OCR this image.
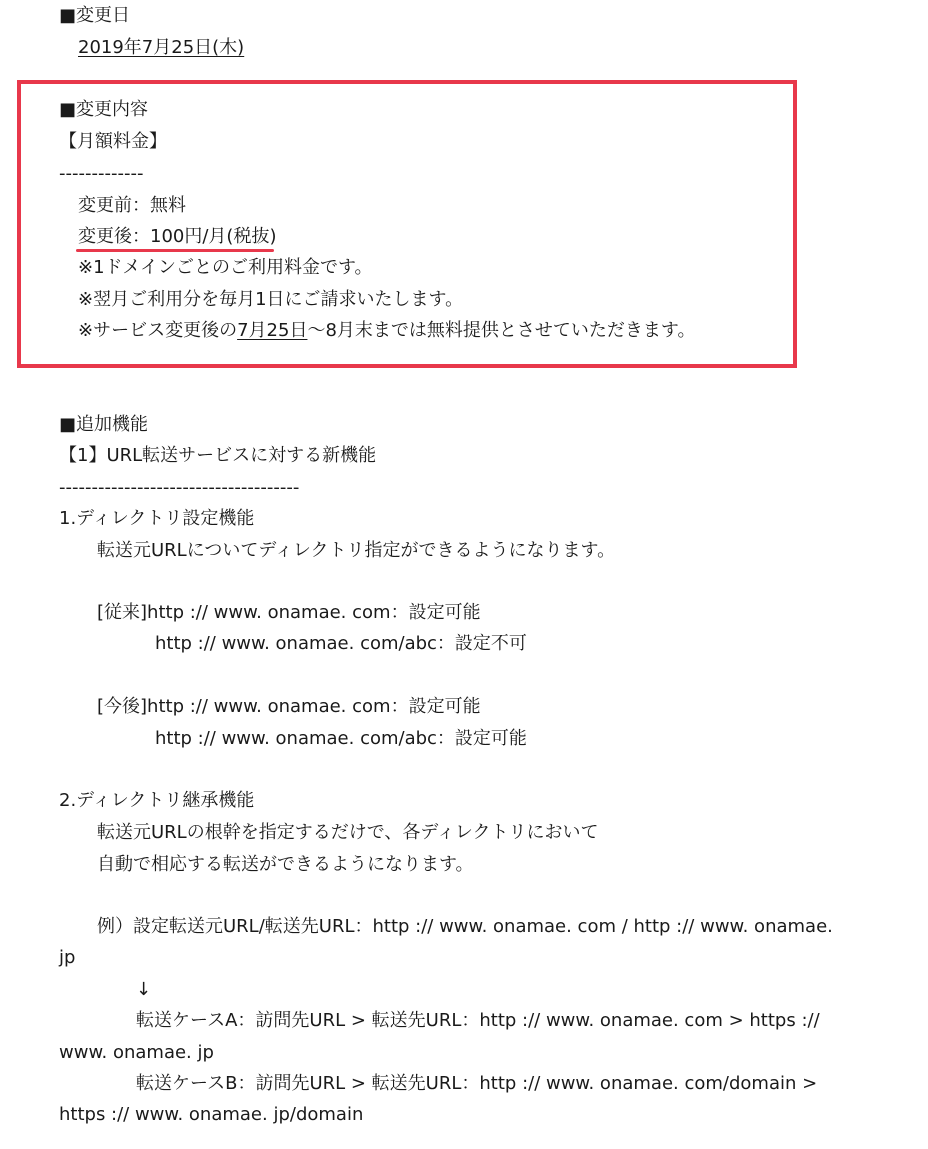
■変更日
2019年7月25日(木)
■変更内容
【月額料金】
-------------
変更前：無料
変更後：100円/月(税抜)
※1ドメインごとのご利用料金です。
※翌月ご利用分を毎月1日にご請求いたします。
※サービス変更後の7月25日〜8月末までは無料提供とさせていただきます。
■追加機能
【1】URL転送サービスに対する新機能
-------------------------------------
1.ディレクトリ設定機能
転送元URLについてディレクトリ指定ができるようになります。
[従来]http :// www. onamae. com：設定可能
http :// www. onamae. com/abc：設定不可
[今後]http :// www. onamae. com：設定可能
http :// www. onamae. com/abc：設定可能
2.ディレクトリ継承機能
転送元URLの根幹を指定するだけで、各ディレクトリにおいて
自動で相応する転送ができるようになります。
例）設定転送元URL/転送先URL：http :// www. onamae. com / http :// www. onamae.
jp
↓
転送ケースA：訪問先URL > 転送先URL：http :// www. onamae. com > https ://
www. onamae. jp
転送ケースB：訪問先URL > 転送先URL：http :// www. onamae. com/domain >
https :// www. onamae. jp/domain
